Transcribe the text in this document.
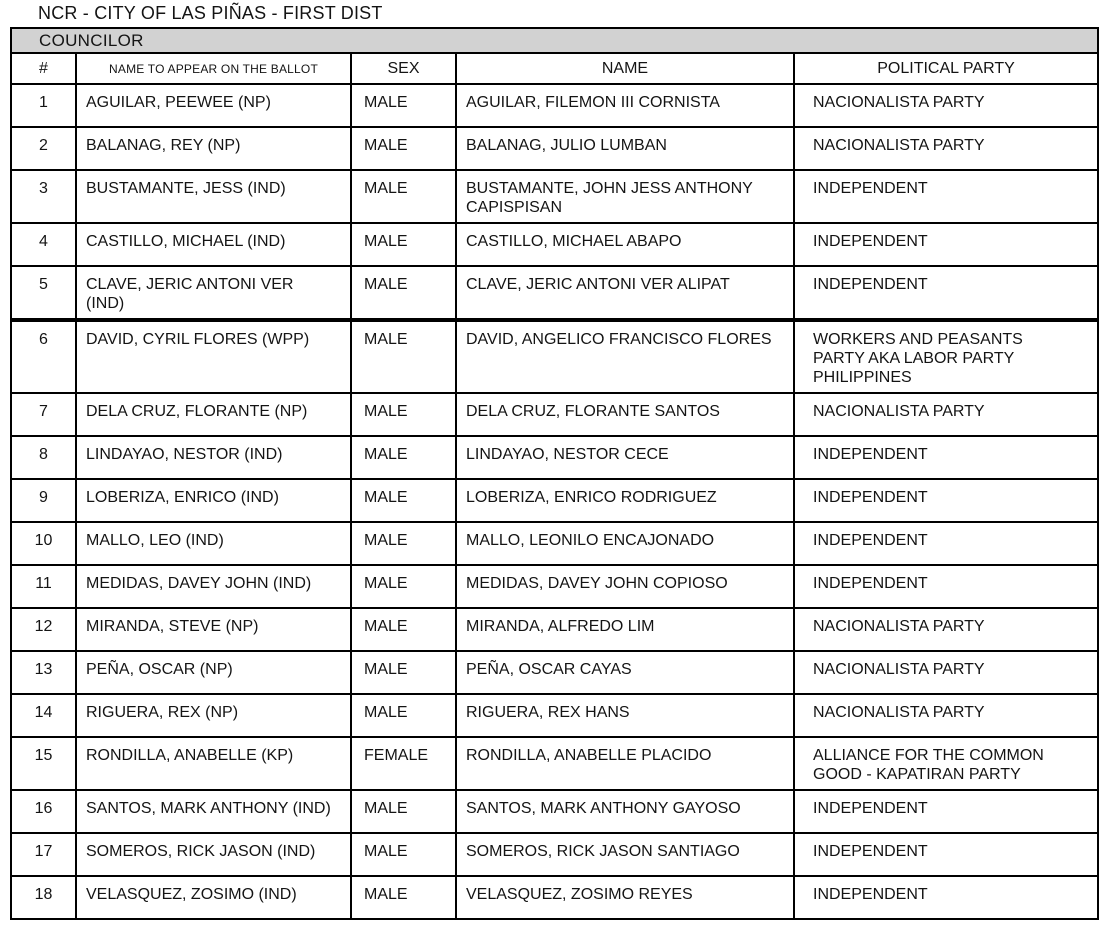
NCR - CITY OF LAS PIÑAS - FIRST DIST
COUNCILOR				
#	NAME TO APPEAR ON THE BALLOT	SEX	NAME	POLITICAL PARTY
1	AGUILAR, PEEWEE (NP)	MALE	AGUILAR, FILEMON III CORNISTA	NACIONALISTA PARTY
2	BALANAG, REY (NP)	MALE	BALANAG, JULIO LUMBAN	NACIONALISTA PARTY
3	BUSTAMANTE, JESS (IND)	MALE	BUSTAMANTE, JOHN JESS ANTHONY CAPISPISAN	INDEPENDENT
4	CASTILLO, MICHAEL (IND)	MALE	CASTILLO, MICHAEL ABAPO	INDEPENDENT
5	CLAVE, JERIC ANTONI VER (IND)	MALE	CLAVE, JERIC ANTONI VER ALIPAT	INDEPENDENT
6	DAVID, CYRIL FLORES (WPP)	MALE	DAVID, ANGELICO FRANCISCO FLORES	WORKERS AND PEASANTS PARTY AKA LABOR PARTY PHILIPPINES
7	DELA CRUZ, FLORANTE (NP)	MALE	DELA CRUZ, FLORANTE SANTOS	NACIONALISTA PARTY
8	LINDAYAO, NESTOR (IND)	MALE	LINDAYAO, NESTOR CECE	INDEPENDENT
9	LOBERIZA, ENRICO (IND)	MALE	LOBERIZA, ENRICO RODRIGUEZ	INDEPENDENT
10	MALLO, LEO (IND)	MALE	MALLO, LEONILO ENCAJONADO	INDEPENDENT
11	MEDIDAS, DAVEY JOHN (IND)	MALE	MEDIDAS, DAVEY JOHN COPIOSO	INDEPENDENT
12	MIRANDA, STEVE (NP)	MALE	MIRANDA, ALFREDO LIM	NACIONALISTA PARTY
13	PEÑA, OSCAR (NP)	MALE	PEÑA, OSCAR CAYAS	NACIONALISTA PARTY
14	RIGUERA, REX (NP)	MALE	RIGUERA, REX HANS	NACIONALISTA PARTY
15	RONDILLA, ANABELLE (KP)	FEMALE	RONDILLA, ANABELLE PLACIDO	ALLIANCE FOR THE COMMON GOOD - KAPATIRAN PARTY
16	SANTOS, MARK ANTHONY (IND)	MALE	SANTOS, MARK ANTHONY GAYOSO	INDEPENDENT
17	SOMEROS, RICK JASON (IND)	MALE	SOMEROS, RICK JASON SANTIAGO	INDEPENDENT
18	VELASQUEZ, ZOSIMO (IND)	MALE	VELASQUEZ, ZOSIMO REYES	INDEPENDENT
